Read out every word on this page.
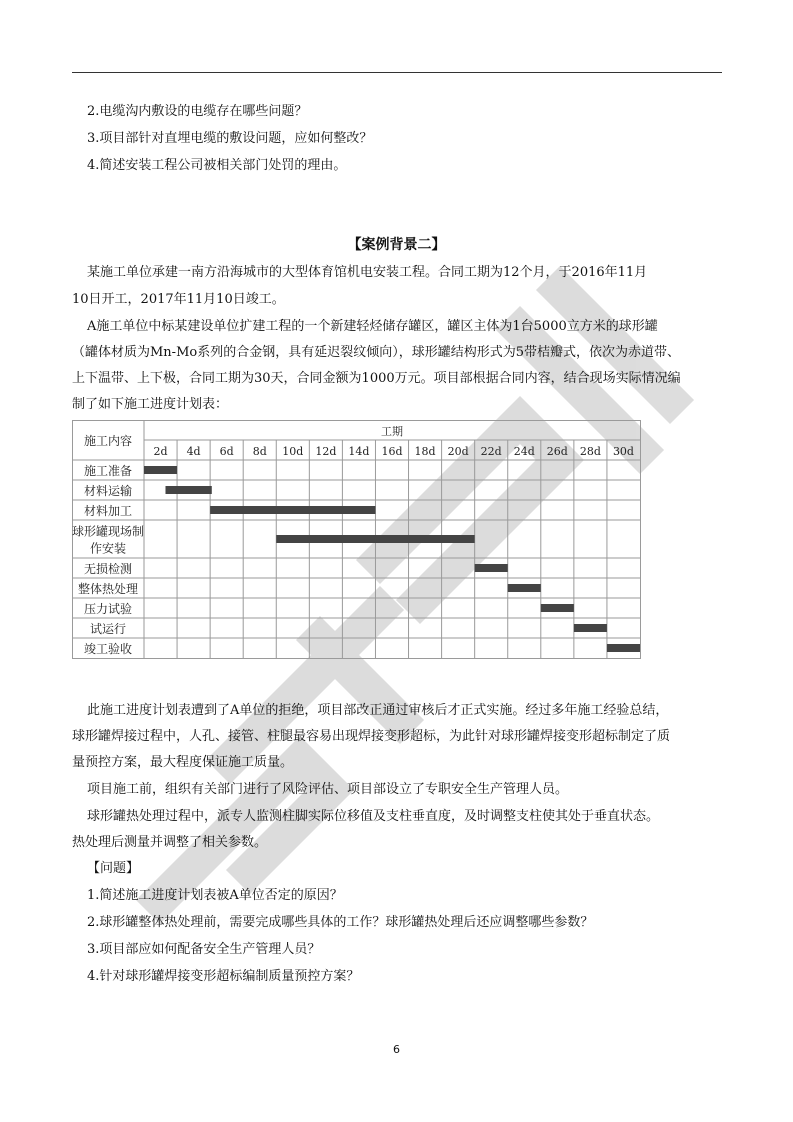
2.电缆沟内敷设的电缆存在哪些问题？
3.项目部针对直埋电缆的敷设问题，应如何整改？
4.简述安装工程公司被相关部门处罚的理由。
【案例背景二】
某施工单位承建一南方沿海城市的大型体育馆机电安装工程。合同工期为12个月，于2016年11月
10日开工，2017年11月10日竣工。
A施工单位中标某建设单位扩建工程的一个新建轻烃储存罐区，罐区主体为1台5000立方米的球形罐
（罐体材质为Mn-Mo系列的合金钢，具有延迟裂纹倾向），球形罐结构形式为5带桔瓣式，依次为赤道带、
上下温带、上下极，合同工期为30天，合同金额为1000万元。项目部根据合同内容，结合现场实际情况编
制了如下施工进度计划表：
施工内容
工期
2d 4d 6d 8d 10d 12d 14d 16d 18d 20d 22d 24d 26d 28d 30d
施工准备
材料运输
材料加工
球形罐现场制
作安装
无损检测
整体热处理
压力试验
试运行
竣工验收
此施工进度计划表遭到了A单位的拒绝，项目部改正通过审核后才正式实施。经过多年施工经验总结，
球形罐焊接过程中，人孔、接管、柱腿最容易出现焊接变形超标，为此针对球形罐焊接变形超标制定了质
量预控方案，最大程度保证施工质量。
项目施工前，组织有关部门进行了风险评估、项目部设立了专职安全生产管理人员。
球形罐热处理过程中，派专人监测柱脚实际位移值及支柱垂直度，及时调整支柱使其处于垂直状态。
热处理后测量并调整了相关参数。
【问题】
1.简述施工进度计划表被A单位否定的原因？
2.球形罐整体热处理前，需要完成哪些具体的工作？球形罐热处理后还应调整哪些参数？
3.项目部应如何配备安全生产管理人员？
4.针对球形罐焊接变形超标编制质量预控方案？
6
